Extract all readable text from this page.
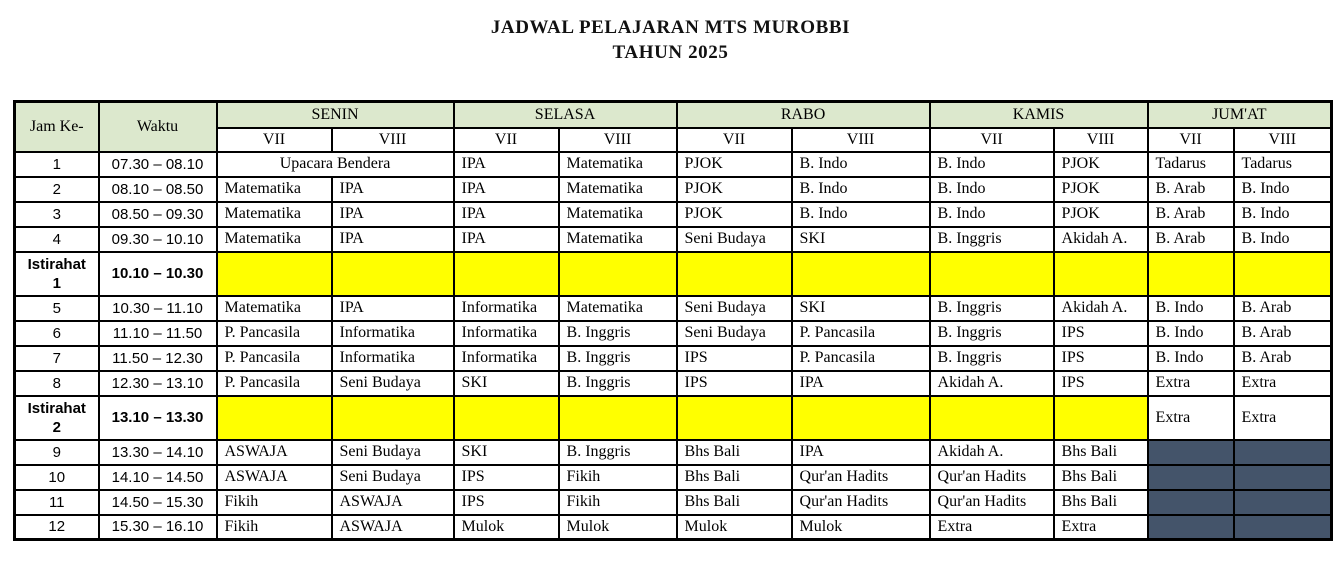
JADWAL PELAJARAN MTS MUROBBI
TAHUN 2025
Jam Ke-	Waktu	SENIN		SELASA		RABO		KAMIS		JUM'AT	
		VII	VIII	VII	VIII	VII	VIII	VII	VIII	VII	VIII
1	07.30 – 08.10	Upacara Bendera		IPA	Matematika	PJOK	B. Indo	B. Indo	PJOK	Tadarus	Tadarus
2	08.10 – 08.50	Matematika	IPA	IPA	Matematika	PJOK	B. Indo	B. Indo	PJOK	B. Arab	B. Indo
3	08.50 – 09.30	Matematika	IPA	IPA	Matematika	PJOK	B. Indo	B. Indo	PJOK	B. Arab	B. Indo
4	09.30 – 10.10	Matematika	IPA	IPA	Matematika	Seni Budaya	SKI	B. Inggris	Akidah A.	B. Arab	B. Indo
Istirahat 1	10.10 – 10.30										
5	10.30 – 11.10	Matematika	IPA	Informatika	Matematika	Seni Budaya	SKI	B. Inggris	Akidah A.	B. Indo	B. Arab
6	11.10 – 11.50	P. Pancasila	Informatika	Informatika	B. Inggris	Seni Budaya	P. Pancasila	B. Inggris	IPS	B. Indo	B. Arab
7	11.50 – 12.30	P. Pancasila	Informatika	Informatika	B. Inggris	IPS	P. Pancasila	B. Inggris	IPS	B. Indo	B. Arab
8	12.30 – 13.10	P. Pancasila	Seni Budaya	SKI	B. Inggris	IPS	IPA	Akidah A.	IPS	Extra	Extra
Istirahat 2	13.10 – 13.30									Extra	Extra
9	13.30 – 14.10	ASWAJA	Seni Budaya	SKI	B. Inggris	Bhs Bali	IPA	Akidah A.	Bhs Bali		
10	14.10 – 14.50	ASWAJA	Seni Budaya	IPS	Fikih	Bhs Bali	Qur'an Hadits	Qur'an Hadits	Bhs Bali		
11	14.50 – 15.30	Fikih	ASWAJA	IPS	Fikih	Bhs Bali	Qur'an Hadits	Qur'an Hadits	Bhs Bali		
12	15.30 – 16.10	Fikih	ASWAJA	Mulok	Mulok	Mulok	Mulok	Extra	Extra		
